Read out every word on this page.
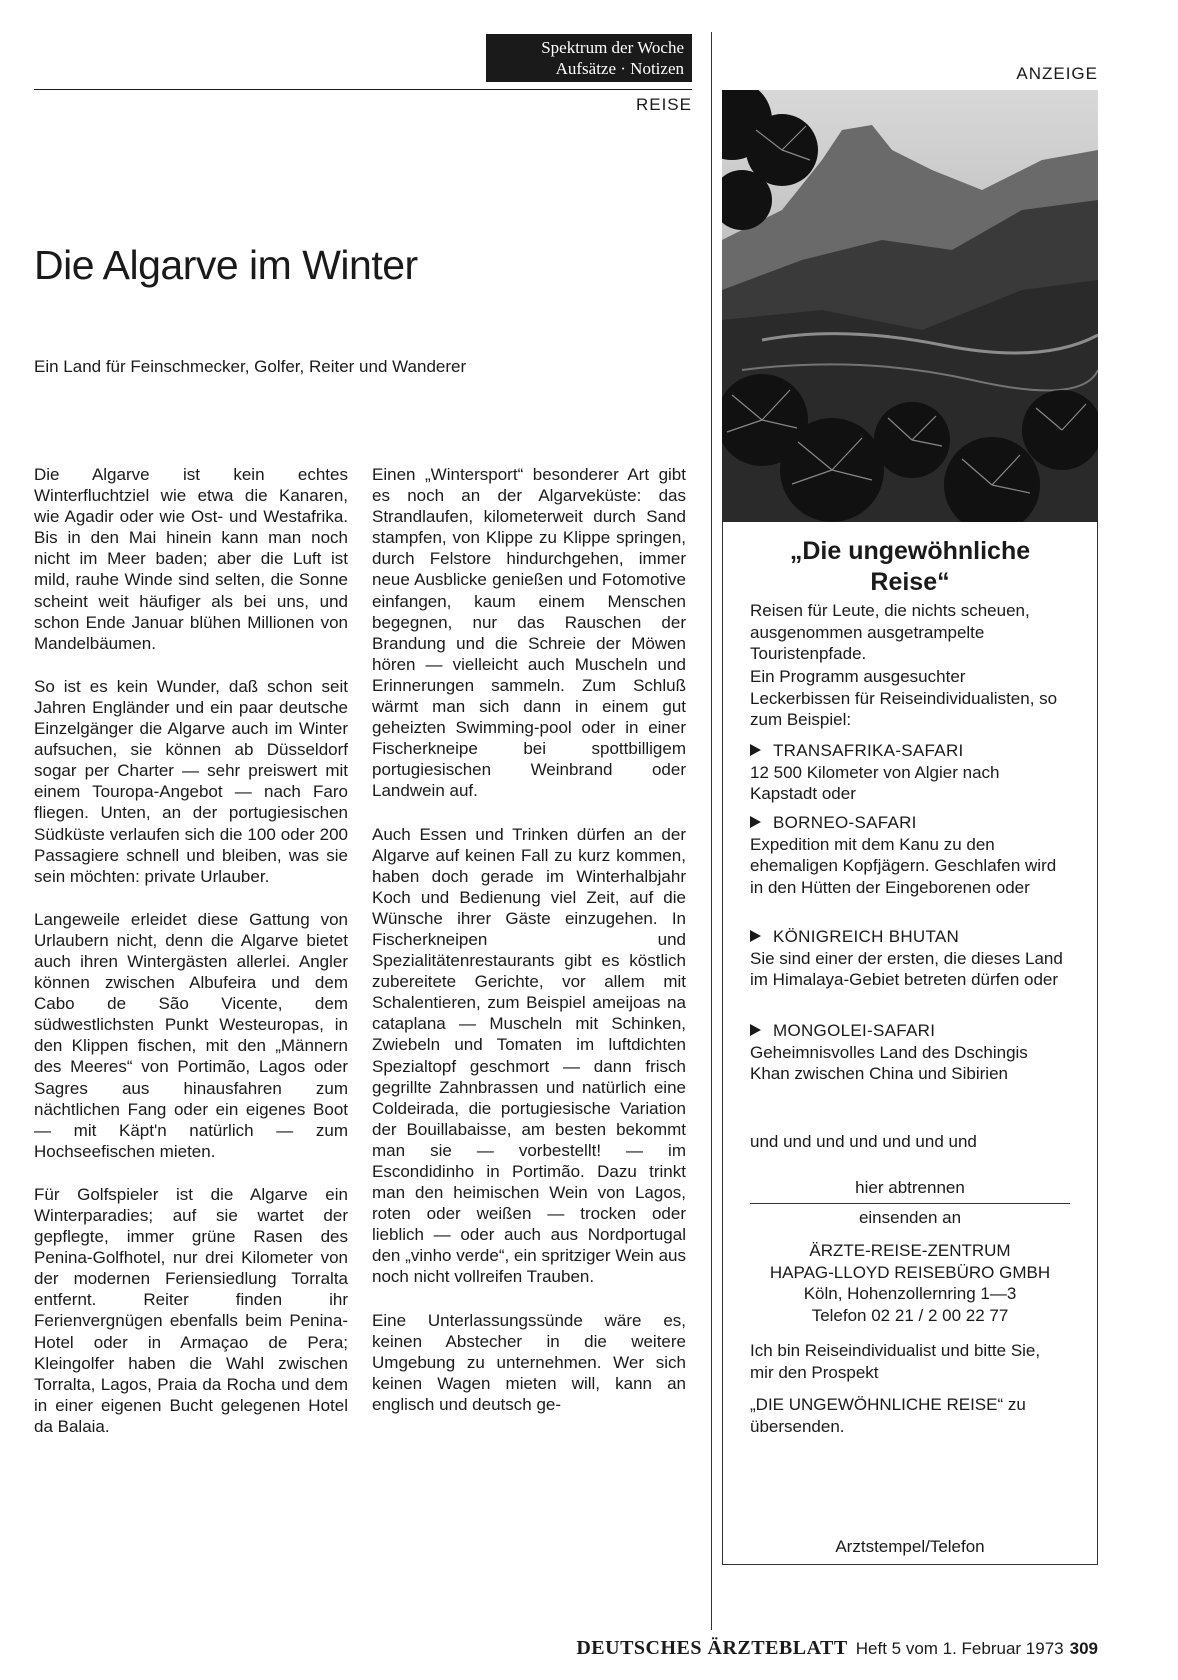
Spektrum der Woche
Aufsätze · Notizen
REISE
ANZEIGE
Die Algarve im Winter
Ein Land für Feinschmecker, Golfer, Reiter und Wanderer

Die Algarve ist kein echtes Winterfluchtziel wie etwa die Kanaren, wie Agadir oder wie Ost- und Westafrika. Bis in den Mai hinein kann man noch nicht im Meer baden; aber die Luft ist mild, rauhe Winde sind selten, die Sonne scheint weit häufiger als bei uns, und schon Ende Januar blühen Millionen von Mandelbäumen.

So ist es kein Wunder, daß schon seit Jahren Engländer und ein paar deutsche Einzelgänger die Algarve auch im Winter aufsuchen, sie können ab Düsseldorf sogar per Charter — sehr preiswert mit einem Touropa-Angebot — nach Faro fliegen. Unten, an der portugiesischen Südküste verlaufen sich die 100 oder 200 Passagiere schnell und bleiben, was sie sein möchten: private Urlauber.

Langeweile erleidet diese Gattung von Urlaubern nicht, denn die Algarve bietet auch ihren Wintergästen allerlei. Angler können zwischen Albufeira und dem Cabo de São Vicente, dem südwestlichsten Punkt Westeuropas, in den Klippen fischen, mit den „Männern des Meeres“ von Portimão, Lagos oder Sagres aus hinausfahren zum nächtlichen Fang oder ein eigenes Boot — mit Käpt'n natürlich — zum Hochseefischen mieten.

Für Golfspieler ist die Algarve ein Winterparadies; auf sie wartet der gepflegte, immer grüne Rasen des Penina-Golfhotel, nur drei Kilometer von der modernen Feriensiedlung Torralta entfernt. Reiter finden ihr Ferienvergnügen ebenfalls beim Penina-Hotel oder in Armaçao de Pera; Kleingolfer haben die Wahl zwischen Torralta, Lagos, Praia da Rocha und dem in einer eigenen Bucht gelegenen Hotel da Balaia.

Einen „Wintersport“ besonderer Art gibt es noch an der Algarveküste: das Strandlaufen, kilometerweit durch Sand stampfen, von Klippe zu Klippe springen, durch Felstore hindurchgehen, immer neue Ausblicke genießen und Fotomotive einfangen, kaum einem Menschen begegnen, nur das Rauschen der Brandung und die Schreie der Möwen hören — vielleicht auch Muscheln und Erinnerungen sammeln. Zum Schluß wärmt man sich dann in einem gut geheizten Swimming-pool oder in einer Fischerkneipe bei spottbilligem portugiesischen Weinbrand oder Landwein auf.

Auch Essen und Trinken dürfen an der Algarve auf keinen Fall zu kurz kommen, haben doch gerade im Winterhalbjahr Koch und Bedienung viel Zeit, auf die Wünsche ihrer Gäste einzugehen. In Fischerkneipen und Spezialitätenrestaurants gibt es köstlich zubereitete Gerichte, vor allem mit Schalentieren, zum Beispiel ameijoas na cataplana — Muscheln mit Schinken, Zwiebeln und Tomaten im luftdichten Spezialtopf geschmort — dann frisch gegrillte Zahnbrassen und natürlich eine Coldeirada, die portugiesische Variation der Bouillabaisse, am besten bekommt man sie — vorbestellt! — im Escondidinho in Portimão. Dazu trinkt man den heimischen Wein von Lagos, roten oder weißen — trocken oder lieblich — oder auch aus Nordportugal den „vinho verde“, ein spritziger Wein aus noch nicht vollreifen Trauben.

Eine Unterlassungssünde wäre es, keinen Abstecher in die weitere Umgebung zu unternehmen. Wer sich keinen Wagen mieten will, kann an englisch und deutsch ge-

„Die ungewöhnliche Reise“
Reisen für Leute, die nichts scheuen, ausgenommen ausgetrampelte Touristenpfade.
Ein Programm ausgesuchter Leckerbissen für Reiseindividualisten, so zum Beispiel:
TRANSAFRIKA-SAFARI
12 500 Kilometer von Algier nach Kapstadt oder
BORNEO-SAFARI
Expedition mit dem Kanu zu den ehemaligen Kopfjägern. Geschlafen wird in den Hütten der Eingeborenen oder
KÖNIGREICH BHUTAN
Sie sind einer der ersten, die dieses Land im Himalaya-Gebiet betreten dürfen oder
MONGOLEI-SAFARI
Geheimnisvolles Land des Dschingis Khan zwischen China und Sibirien
und und und und und und und
hier abtrennen
einsenden an
ÄRZTE-REISE-ZENTRUM
HAPAG-LLOYD REISEBÜRO GMBH
Köln, Hohenzollernring 1—3
Telefon 02 21 / 2 00 22 77
Ich bin Reiseindividualist und bitte Sie, mir den Prospekt
„DIE UNGEWÖHNLICHE REISE“ zu übersenden.
Arztstempel/Telefon
DEUTSCHES ÄRZTEBLATT Heft 5 vom 1. Februar 1973 309
